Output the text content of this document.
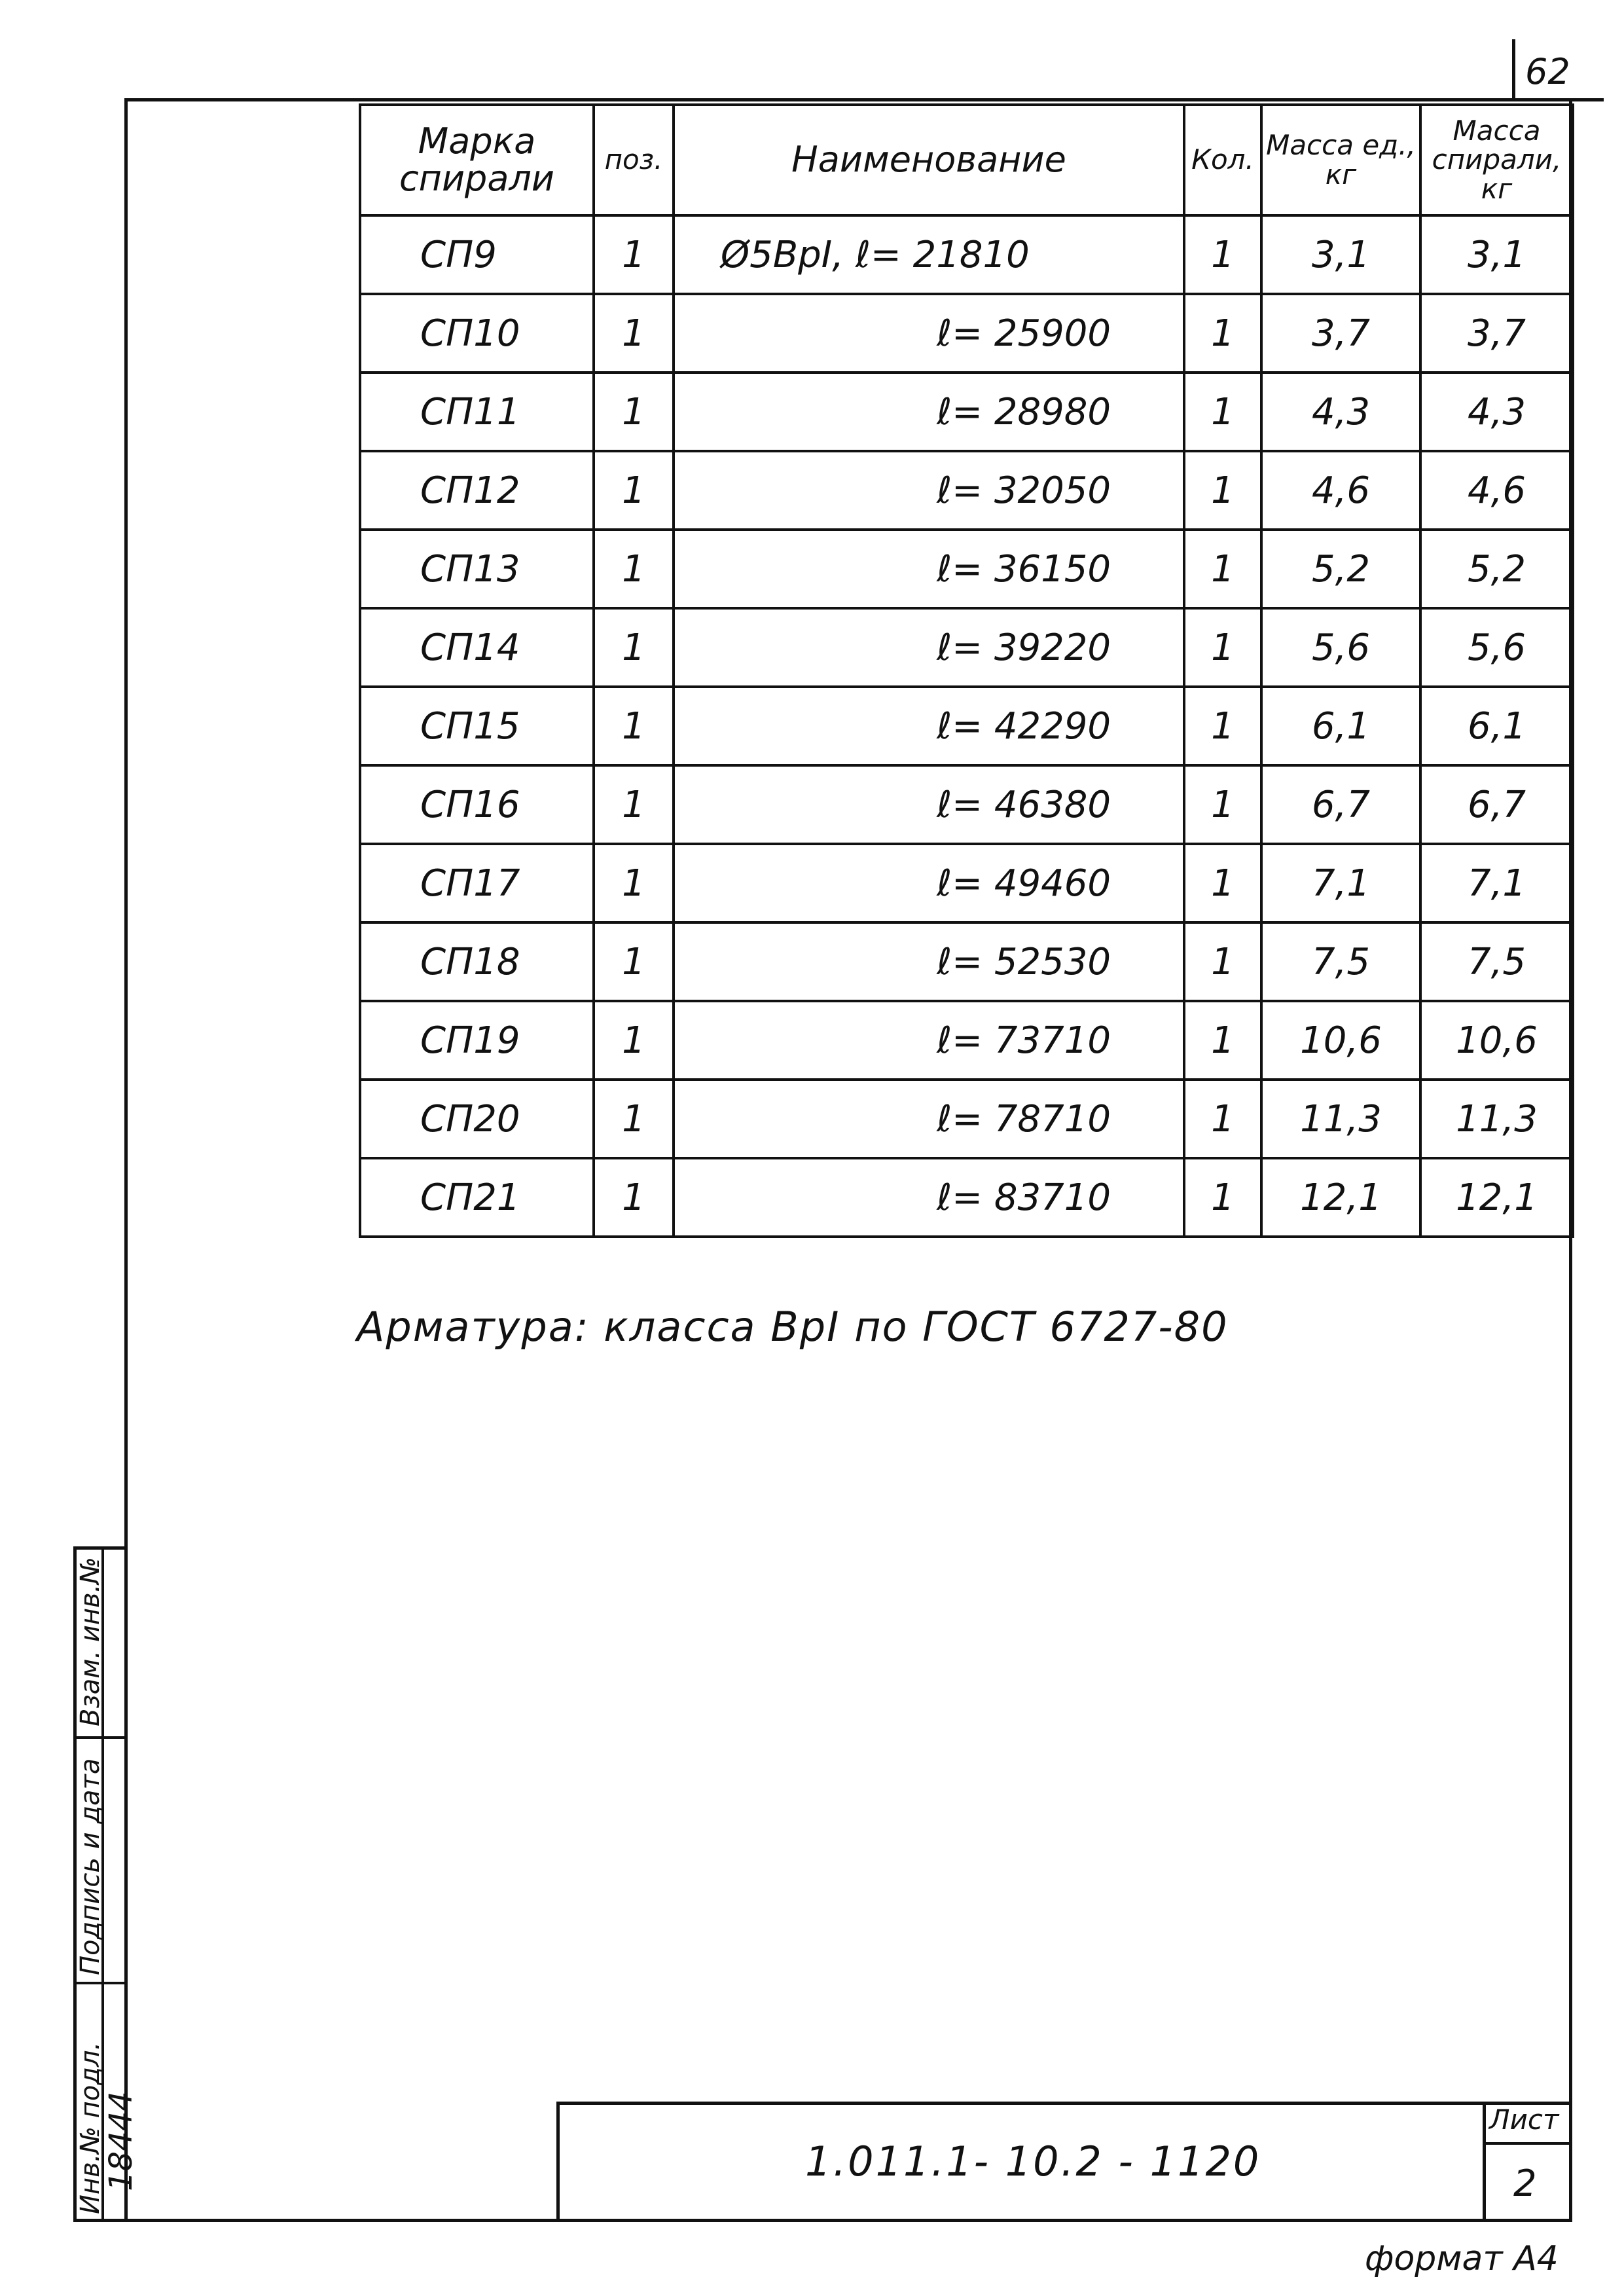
62
Марка спирали	поз.	Наименование	Кол.	Масса ед., кг	Масса спирали, кг
СП9	1	Ø5ВрI, ℓ= 21810	1	3,1	3,1
СП10	1	ℓ= 25900	1	3,7	3,7
СП11	1	ℓ= 28980	1	4,3	4,3
СП12	1	ℓ= 32050	1	4,6	4,6
СП13	1	ℓ= 36150	1	5,2	5,2
СП14	1	ℓ= 39220	1	5,6	5,6
СП15	1	ℓ= 42290	1	6,1	6,1
СП16	1	ℓ= 46380	1	6,7	6,7
СП17	1	ℓ= 49460	1	7,1	7,1
СП18	1	ℓ= 52530	1	7,5	7,5
СП19	1	ℓ= 73710	1	10,6	10,6
СП20	1	ℓ= 78710	1	11,3	11,3
СП21	1	ℓ= 83710	1	12,1	12,1
Арматура: класса ВрI по ГОСТ 6727-80
1.011.1- 10.2 - 1120
Лист
2
формат А4
Взам. инв.№
Подпись и дата
Инв.№ подл.
18444
